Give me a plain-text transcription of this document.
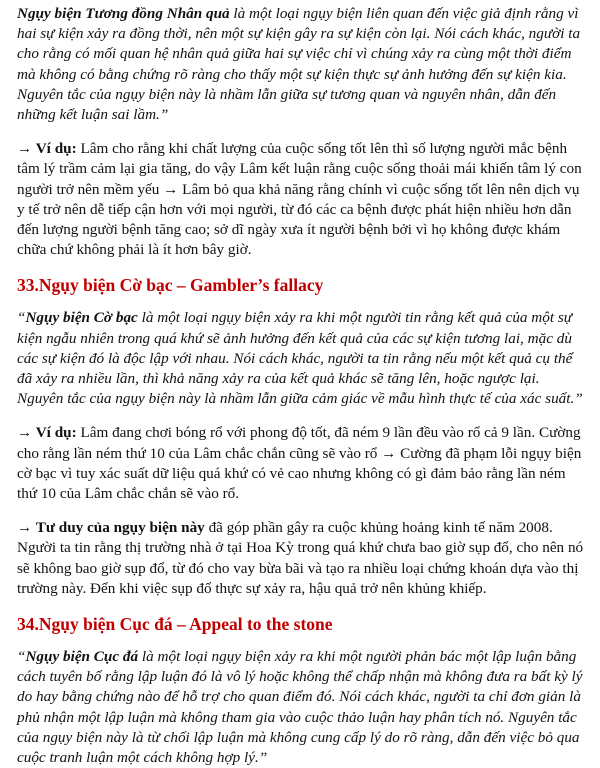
Ngụy biện Tương đồng Nhân quả là một loại ngụy biện liên quan đến việc giả định rằng vì hai sự kiện xảy ra đồng thời, nên một sự kiện gây ra sự kiện còn lại. Nói cách khác, người ta cho rằng có mối quan hệ nhân quả giữa hai sự việc chỉ vì chúng xảy ra cùng một thời điểm mà không có bằng chứng rõ ràng cho thấy một sự kiện thực sự ảnh hưởng đến sự kiện kia. Nguyên tắc của ngụy biện này là nhầm lẫn giữa sự tương quan và nguyên nhân, dẫn đến những kết luận sai lầm.”

→ Ví dụ: Lâm cho rằng khi chất lượng của cuộc sống tốt lên thì số lượng người mắc bệnh tâm lý trầm cảm lại gia tăng, do vậy Lâm kết luận rằng cuộc sống thoải mái khiến tâm lý con người trở nên mềm yếu → Lâm bỏ qua khả năng rằng chính vì cuộc sống tốt lên nên dịch vụ y tế trở nên dễ tiếp cận hơn với mọi người, từ đó các ca bệnh được phát hiện nhiều hơn dẫn đến lượng người bệnh tăng cao; sở dĩ ngày xưa ít người bệnh bởi vì họ không được khám chữa chứ không phải là ít hơn bây giờ.

33.Ngụy biện Cờ bạc – Gambler’s fallacy

“Ngụy biện Cờ bạc là một loại ngụy biện xảy ra khi một người tin rằng kết quả của một sự kiện ngẫu nhiên trong quá khứ sẽ ảnh hưởng đến kết quả của các sự kiện tương lai, mặc dù các sự kiện đó là độc lập với nhau. Nói cách khác, người ta tin rằng nếu một kết quả cụ thể đã xảy ra nhiều lần, thì khả năng xảy ra của kết quả khác sẽ tăng lên, hoặc ngược lại. Nguyên tắc của ngụy biện này là nhầm lẫn giữa cảm giác về mẫu hình thực tế của xác suất.”

→ Ví dụ: Lâm đang chơi bóng rổ với phong độ tốt, đã ném 9 lần đều vào rổ cả 9 lần. Cường cho rằng lần ném thứ 10 của Lâm chắc chắn cũng sẽ vào rổ → Cường đã phạm lỗi ngụy biện cờ bạc vì tuy xác suất dữ liệu quá khứ có vẻ cao nhưng không có gì đảm bảo rằng lần ném thứ 10 của Lâm chắc chắn sẽ vào rổ.

→ Tư duy của ngụy biện này đã góp phần gây ra cuộc khủng hoảng kinh tế năm 2008. Người ta tin rằng thị trường nhà ở tại Hoa Kỳ trong quá khứ chưa bao giờ sụp đổ, cho nên nó sẽ không bao giờ sụp đổ, từ đó cho vay bừa bãi và tạo ra nhiều loại chứng khoán dựa vào thị trường này. Đến khi việc sụp đổ thực sự xảy ra, hậu quả trở nên khủng khiếp.

34.Ngụy biện Cục đá – Appeal to the stone

“Ngụy biện Cục đá là một loại ngụy biện xảy ra khi một người phản bác một lập luận bằng cách tuyên bố rằng lập luận đó là vô lý hoặc không thể chấp nhận mà không đưa ra bất kỳ lý do hay bằng chứng nào để hỗ trợ cho quan điểm đó. Nói cách khác, người ta chỉ đơn giản là phủ nhận một lập luận mà không tham gia vào cuộc thảo luận hay phân tích nó. Nguyên tắc của ngụy biện này là từ chối lập luận mà không cung cấp lý do rõ ràng, dẫn đến việc bỏ qua cuộc tranh luận một cách không hợp lý.”
